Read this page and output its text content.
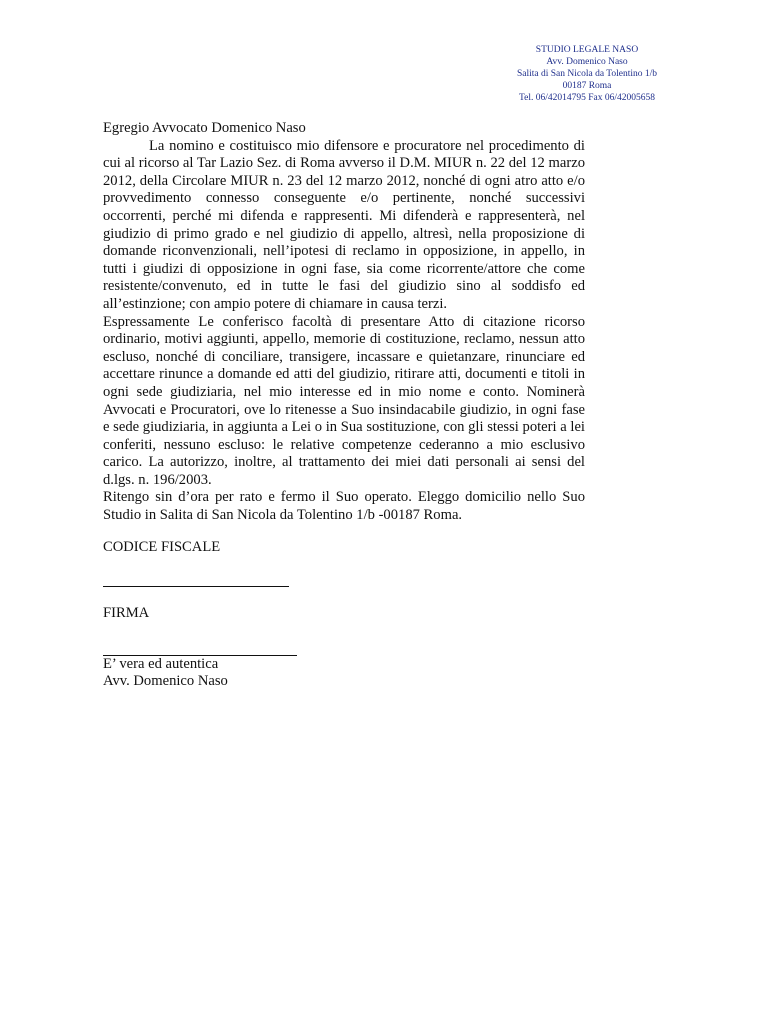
STUDIO LEGALE NASO
Avv. Domenico Naso
Salita di San Nicola da Tolentino 1/b
00187 Roma
Tel. 06/42014795 Fax 06/42005658

Egregio Avvocato Domenico Naso

La nomino e costituisco mio difensore e procuratore nel procedimento di cui al ricorso al Tar Lazio Sez. di Roma avverso il D.M. MIUR n. 22 del 12 marzo 2012, della Circolare MIUR n. 23 del 12 marzo 2012, nonché di ogni atro atto e/o provvedimento connesso conseguente e/o pertinente, nonché successivi occorrenti, perché mi difenda e rappresenti. Mi difenderà e rappresenterà, nel giudizio di primo grado e nel giudizio di appello, altresì, nella proposizione di domande riconvenzionali, nell’ipotesi di reclamo in opposizione, in appello, in tutti i giudizi di opposizione in ogni fase, sia come ricorrente/attore che come resistente/convenuto, ed in tutte le fasi del giudizio sino al soddisfo ed all’estinzione; con ampio potere di chiamare in causa terzi.

Espressamente Le conferisco facoltà di presentare Atto di citazione ricorso ordinario, motivi aggiunti, appello, memorie di costituzione, reclamo, nessun atto escluso, nonché di conciliare, transigere, incassare e quietanzare, rinunciare ed accettare rinunce a domande ed atti del giudizio, ritirare atti, documenti e titoli in ogni sede giudiziaria, nel mio interesse ed in mio nome e conto. Nominerà Avvocati e Procuratori, ove lo ritenesse a Suo insindacabile giudizio, in ogni fase e sede giudiziaria, in aggiunta a Lei o in Sua sostituzione, con gli stessi poteri a lei conferiti, nessuno escluso: le relative competenze cederanno a mio esclusivo carico. La autorizzo, inoltre, al trattamento dei miei dati personali ai sensi del d.lgs. n. 196/2003.

Ritengo sin d’ora per rato e fermo il Suo operato. Eleggo domicilio nello Suo Studio in Salita di San Nicola da Tolentino 1/b -00187 Roma.

CODICE FISCALE

FIRMA

E’ vera ed autentica

Avv. Domenico Naso
